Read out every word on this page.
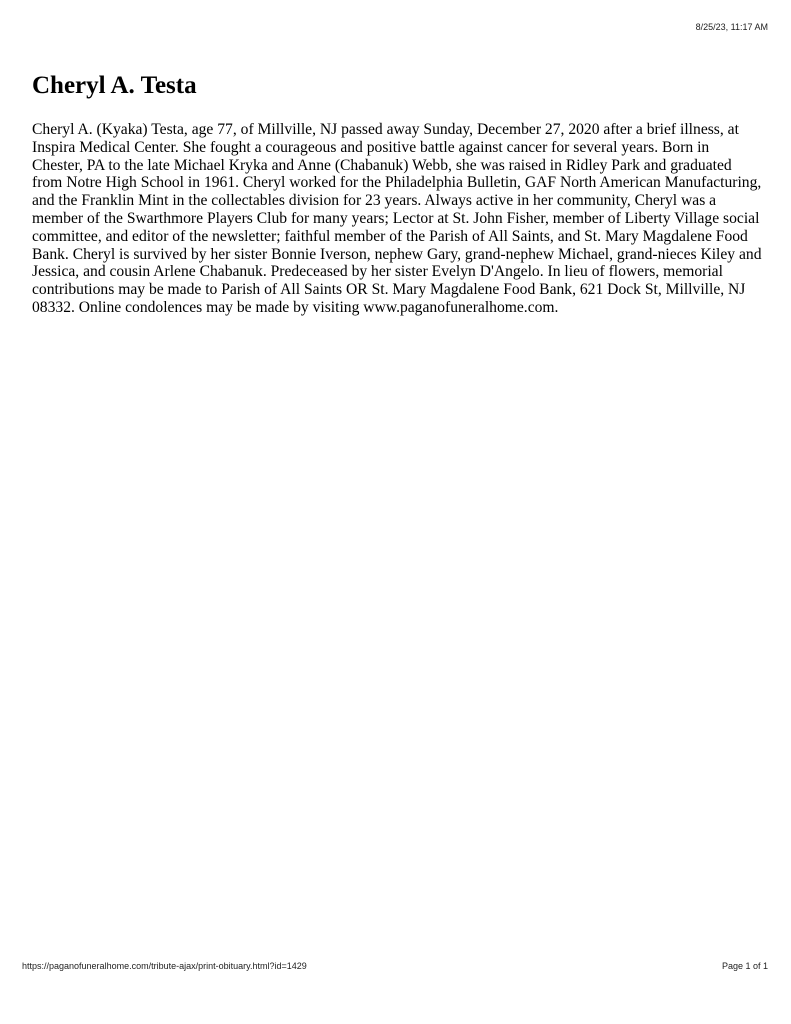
8/25/23, 11:17 AM
Cheryl A. Testa

Cheryl A. (Kyaka) Testa, age 77, of Millville, NJ passed away Sunday, December 27, 2020 after a brief illness, at Inspira Medical Center. She fought a courageous and positive battle against cancer for several years. Born in Chester, PA to the late Michael Kryka and Anne (Chabanuk) Webb, she was raised in Ridley Park and graduated from Notre High School in 1961. Cheryl worked for the Philadelphia Bulletin, GAF North American Manufacturing, and the Franklin Mint in the collectables division for 23 years. Always active in her community, Cheryl was a member of the Swarthmore Players Club for many years; Lector at St. John Fisher, member of Liberty Village social committee, and editor of the newsletter; faithful member of the Parish of All Saints, and St. Mary Magdalene Food Bank. Cheryl is survived by her sister Bonnie Iverson, nephew Gary, grand-nephew Michael, grand-nieces Kiley and Jessica, and cousin Arlene Chabanuk. Predeceased by her sister Evelyn D'Angelo. In lieu of flowers, memorial contributions may be made to Parish of All Saints OR St. Mary Magdalene Food Bank, 621 Dock St, Millville, NJ 08332. Online condolences may be made by visiting www.paganofuneralhome.com.

https://paganofuneralhome.com/tribute-ajax/print-obituary.html?id=1429	Page 1 of 1
